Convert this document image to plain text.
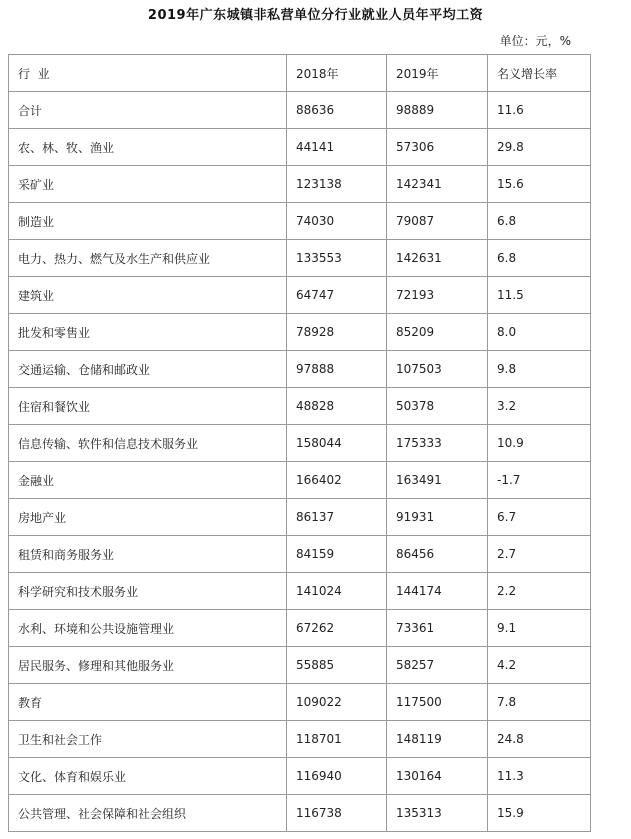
2019年广东城镇非私营单位分行业就业人员年平均工资
单位：元，%
行  业	2018年	2019年	名义增长率
合计	88636	98889	11.6
农、林、牧、渔业	44141	57306	29.8
采矿业	123138	142341	15.6
制造业	74030	79087	6.8
电力、热力、燃气及水生产和供应业	133553	142631	6.8
建筑业	64747	72193	11.5
批发和零售业	78928	85209	8.0
交通运输、仓储和邮政业	97888	107503	9.8
住宿和餐饮业	48828	50378	3.2
信息传输、软件和信息技术服务业	158044	175333	10.9
金融业	166402	163491	-1.7
房地产业	86137	91931	6.7
租赁和商务服务业	84159	86456	2.7
科学研究和技术服务业	141024	144174	2.2
水利、环境和公共设施管理业	67262	73361	9.1
居民服务、修理和其他服务业	55885	58257	4.2
教育	109022	117500	7.8
卫生和社会工作	118701	148119	24.8
文化、体育和娱乐业	116940	130164	11.3
公共管理、社会保障和社会组织	116738	135313	15.9
